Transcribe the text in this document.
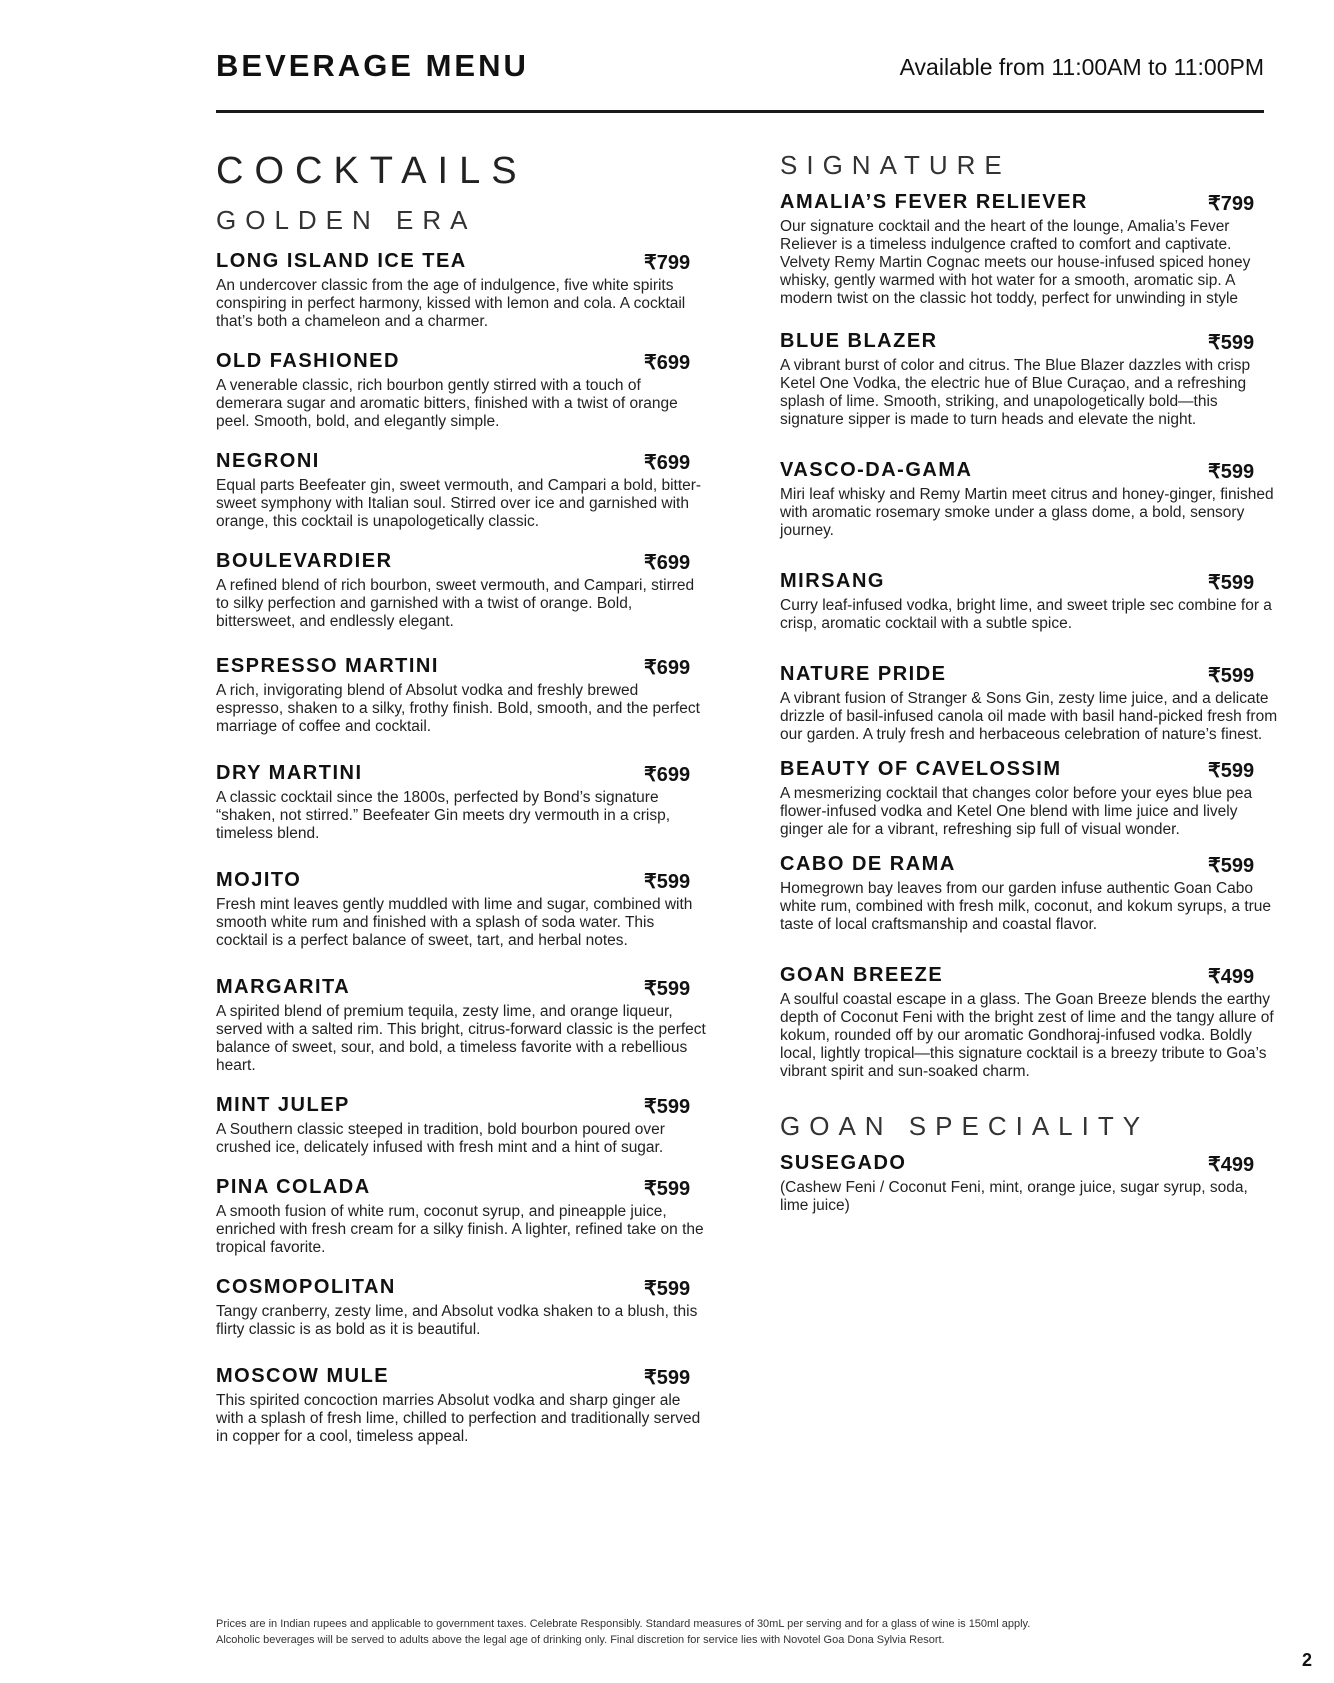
BEVERAGE MENU	Available from 11:00AM to 11:00PM
COCKTAILS
GOLDEN ERA
LONG ISLAND ICE TEA	₹799
An undercover classic from the age of indulgence, five white spirits conspiring in perfect harmony, kissed with lemon and cola. A cocktail that’s both a chameleon and a charmer.
OLD FASHIONED	₹699
A venerable classic, rich bourbon gently stirred with a touch of demerara sugar and aromatic bitters, finished with a twist of orange peel. Smooth, bold, and elegantly simple.
NEGRONI	₹699
Equal parts Beefeater gin, sweet vermouth, and Campari a bold, bitter-sweet symphony with Italian soul. Stirred over ice and garnished with orange, this cocktail is unapologetically classic.
BOULEVARDIER	₹699
A refined blend of rich bourbon, sweet vermouth, and Campari, stirred to silky perfection and garnished with a twist of orange. Bold, bittersweet, and endlessly elegant.
ESPRESSO MARTINI	₹699
A rich, invigorating blend of Absolut vodka and freshly brewed espresso, shaken to a silky, frothy finish. Bold, smooth, and the perfect marriage of coffee and cocktail.
DRY MARTINI	₹699
A classic cocktail since the 1800s, perfected by Bond’s signature “shaken, not stirred.” Beefeater Gin meets dry vermouth in a crisp, timeless blend.
MOJITO	₹599
Fresh mint leaves gently muddled with lime and sugar, combined with smooth white rum and finished with a splash of soda water. This cocktail is a perfect balance of sweet, tart, and herbal notes.
MARGARITA	₹599
A spirited blend of premium tequila, zesty lime, and orange liqueur, served with a salted rim. This bright, citrus-forward classic is the perfect balance of sweet, sour, and bold, a timeless favorite with a rebellious heart.
MINT JULEP	₹599
A Southern classic steeped in tradition, bold bourbon poured over crushed ice, delicately infused with fresh mint and a hint of sugar.
PINA COLADA	₹599
A smooth fusion of white rum, coconut syrup, and pineapple juice, enriched with fresh cream for a silky finish. A lighter, refined take on the tropical favorite.
COSMOPOLITAN	₹599
Tangy cranberry, zesty lime, and Absolut vodka shaken to a blush, this flirty classic is as bold as it is beautiful.
MOSCOW MULE	₹599
This spirited concoction marries Absolut vodka and sharp ginger ale with a splash of fresh lime, chilled to perfection and traditionally served in copper for a cool, timeless appeal.
SIGNATURE
AMALIA’S FEVER RELIEVER	₹799
Our signature cocktail and the heart of the lounge, Amalia’s Fever Reliever is a timeless indulgence crafted to comfort and captivate. Velvety Remy Martin Cognac meets our house-infused spiced honey whisky, gently warmed with hot water for a smooth, aromatic sip. A modern twist on the classic hot toddy, perfect for unwinding in style
BLUE BLAZER	₹599
A vibrant burst of color and citrus. The Blue Blazer dazzles with crisp Ketel One Vodka, the electric hue of Blue Curaçao, and a refreshing splash of lime. Smooth, striking, and unapologetically bold—this signature sipper is made to turn heads and elevate the night.
VASCO-DA-GAMA	₹599
Miri leaf whisky and Remy Martin meet citrus and honey-ginger, finished with aromatic rosemary smoke under a glass dome, a bold, sensory journey.
MIRSANG	₹599
Curry leaf-infused vodka, bright lime, and sweet triple sec combine for a crisp, aromatic cocktail with a subtle spice.
NATURE PRIDE	₹599
A vibrant fusion of Stranger & Sons Gin, zesty lime juice, and a delicate drizzle of basil-infused canola oil made with basil hand-picked fresh from our garden. A truly fresh and herbaceous celebration of nature’s finest.
BEAUTY OF CAVELOSSIM	₹599
A mesmerizing cocktail that changes color before your eyes blue pea flower-infused vodka and Ketel One blend with lime juice and lively ginger ale for a vibrant, refreshing sip full of visual wonder.
CABO DE RAMA	₹599
Homegrown bay leaves from our garden infuse authentic Goan Cabo white rum, combined with fresh milk, coconut, and kokum syrups, a true taste of local craftsmanship and coastal flavor.
GOAN BREEZE	₹499
A soulful coastal escape in a glass. The Goan Breeze blends the earthy depth of Coconut Feni with the bright zest of lime and the tangy allure of kokum, rounded off by our aromatic Gondhoraj-infused vodka. Boldly local, lightly tropical—this signature cocktail is a breezy tribute to Goa’s vibrant spirit and sun-soaked charm.
GOAN SPECIALITY
SUSEGADO	₹499
(Cashew Feni / Coconut Feni, mint, orange juice, sugar syrup, soda, lime juice)
Prices are in Indian rupees and applicable to government taxes. Celebrate Responsibly. Standard measures of 30mL per serving and for a glass of wine is 150ml apply.
Alcoholic beverages will be served to adults above the legal age of drinking only. Final discretion for service lies with Novotel Goa Dona Sylvia Resort.
2
